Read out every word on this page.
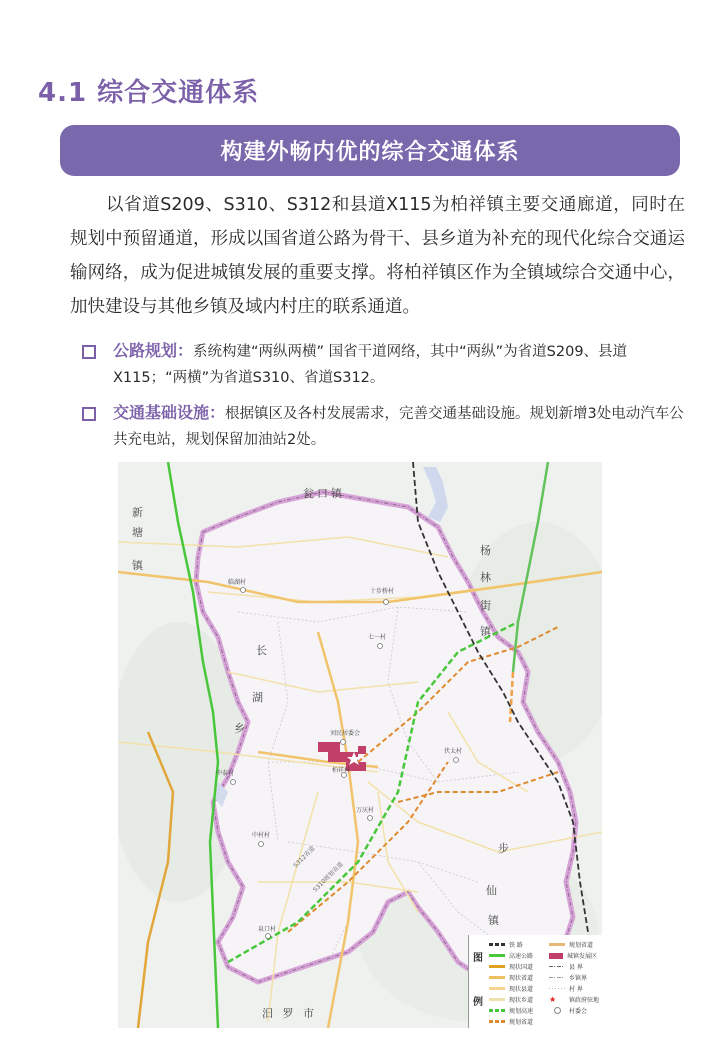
4.1 综合交通体系
构建外畅内优的综合交通体系
以省道S209、S310、S312和县道X115为柏祥镇主要交通廊道，同时在规划中预留通道，形成以国省道公路为骨干、县乡道为补充的现代化综合交通运输网络，成为促进城镇发展的重要支撑。将柏祥镇区作为全镇域综合交通中心，加快建设与其他乡镇及域内村庄的联系通道。
公路规划：系统构建“两纵两横” 国省干道网络，其中“两纵”为省道S209、县道X115；“两横”为省道S310、省道S312。
交通基础设施：根据镇区及各村发展需求，完善交通基础设施。规划新增3处电动汽车公共充电站，规划保留加油站2处。
瓮口镇
新
塘
镇
杨
林
街
镇
长
湖
乡
步
仙
镇
汨 罗 市
临湖村
十步桥村
七一村
刘民居委会
伏太村
柏祥村
中泰村
万庆村
中村村
泉口村
S312省道
S310规划省道
图
例
铁 路
高速公路
现状国道
现状省道
现状县道
现状乡道
规划高速
规划省道
规划省道
城镇发展区
县 界
乡镇界
村 界
★	镇政府驻地
村委会
